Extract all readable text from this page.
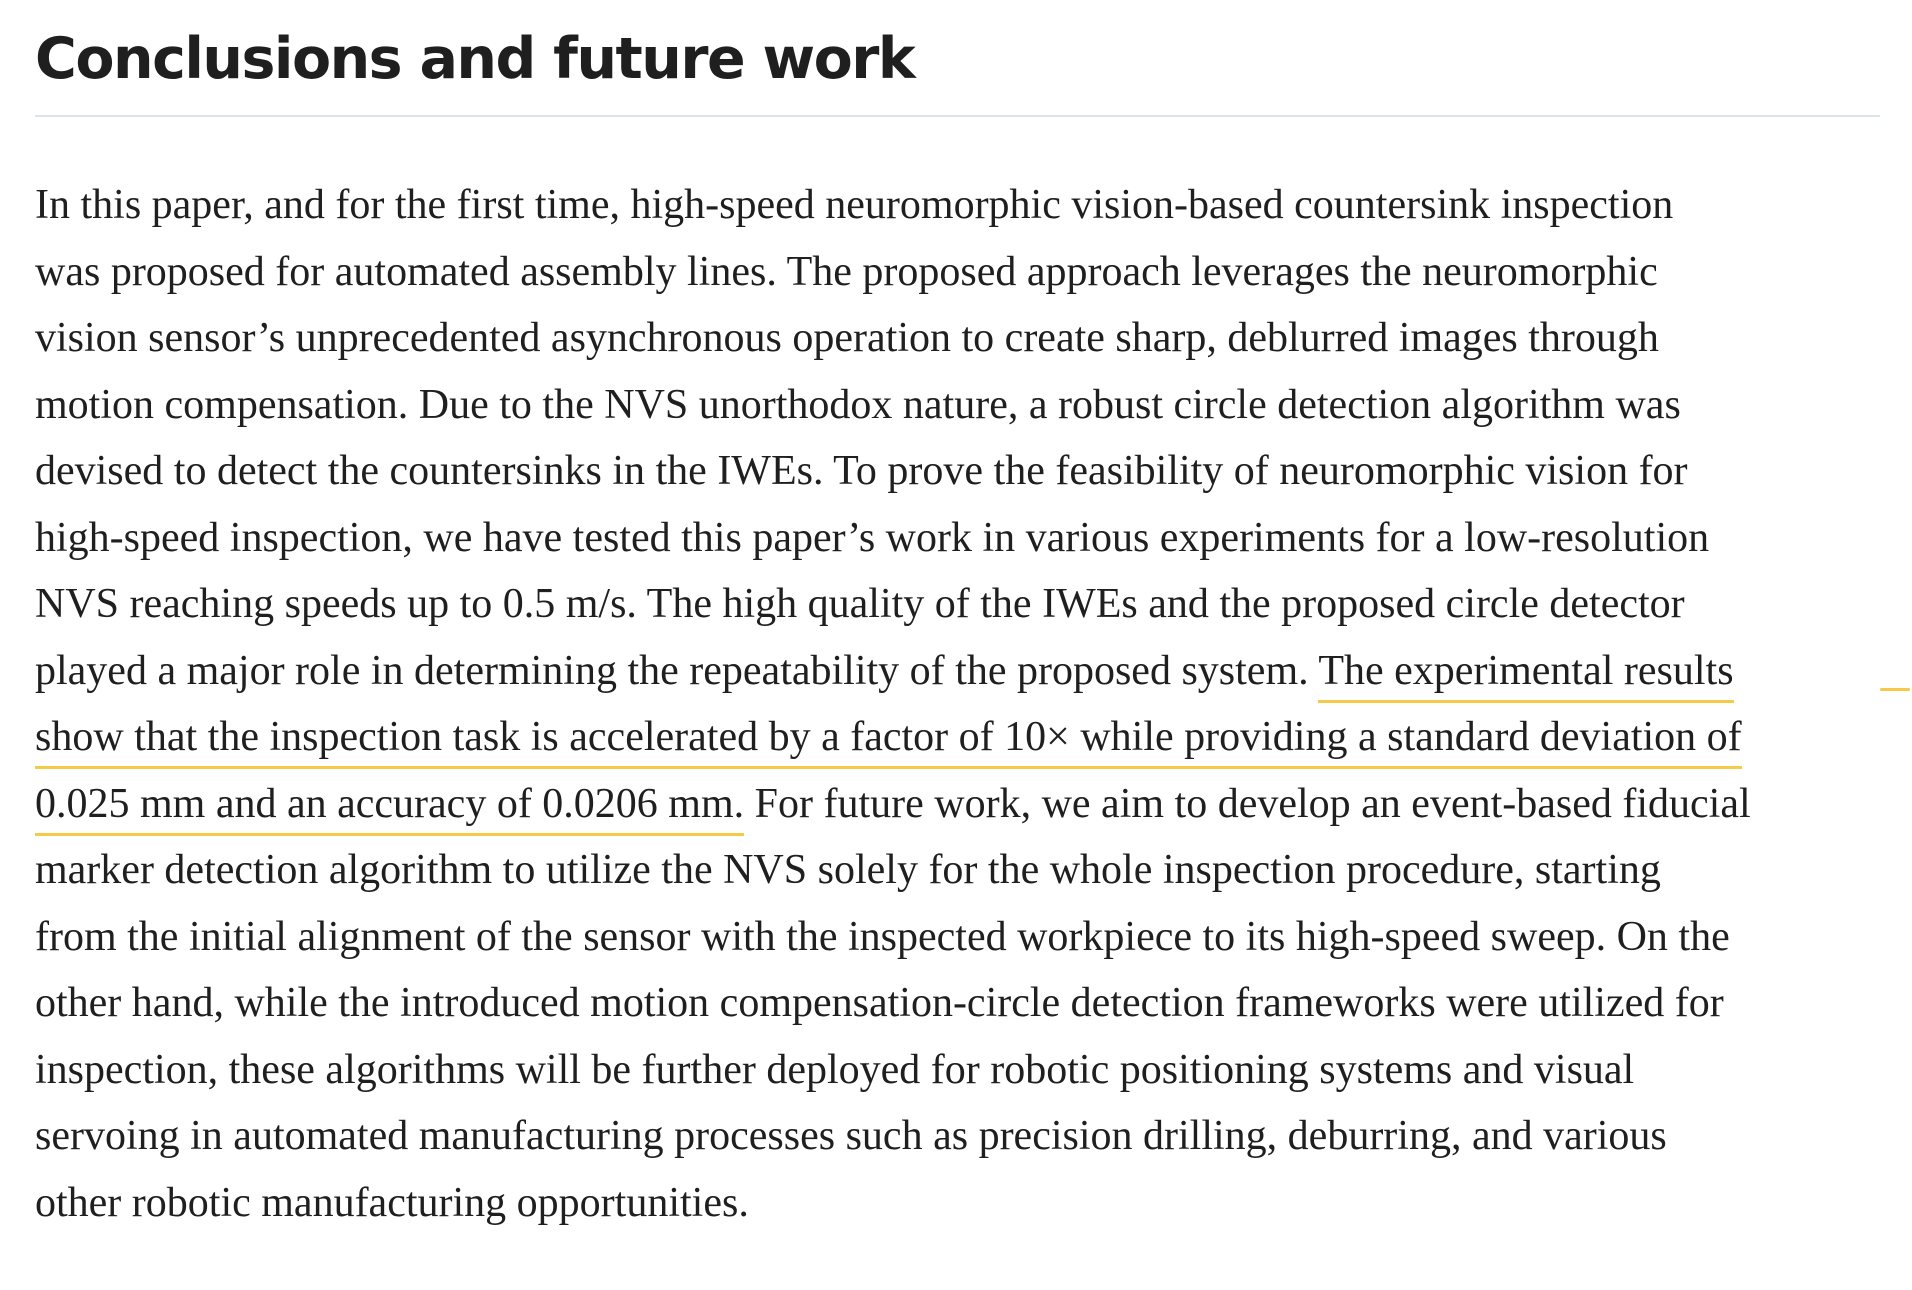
Conclusions and future work

In this paper, and for the first time, high-speed neuromorphic vision-based countersink inspection
was proposed for automated assembly lines. The proposed approach leverages the neuromorphic
vision sensor’s unprecedented asynchronous operation to create sharp, deblurred images through
motion compensation. Due to the NVS unorthodox nature, a robust circle detection algorithm was
devised to detect the countersinks in the IWEs. To prove the feasibility of neuromorphic vision for
high-speed inspection, we have tested this paper’s work in various experiments for a low-resolution
NVS reaching speeds up to 0.5 m/s. The high quality of the IWEs and the proposed circle detector
played a major role in determining the repeatability of the proposed system. The experimental results
show that the inspection task is accelerated by a factor of 10× while providing a standard deviation of
0.025 mm and an accuracy of 0.0206 mm. For future work, we aim to develop an event-based fiducial
marker detection algorithm to utilize the NVS solely for the whole inspection procedure, starting
from the initial alignment of the sensor with the inspected workpiece to its high-speed sweep. On the
other hand, while the introduced motion compensation-circle detection frameworks were utilized for
inspection, these algorithms will be further deployed for robotic positioning systems and visual
servoing in automated manufacturing processes such as precision drilling, deburring, and various
other robotic manufacturing opportunities.
